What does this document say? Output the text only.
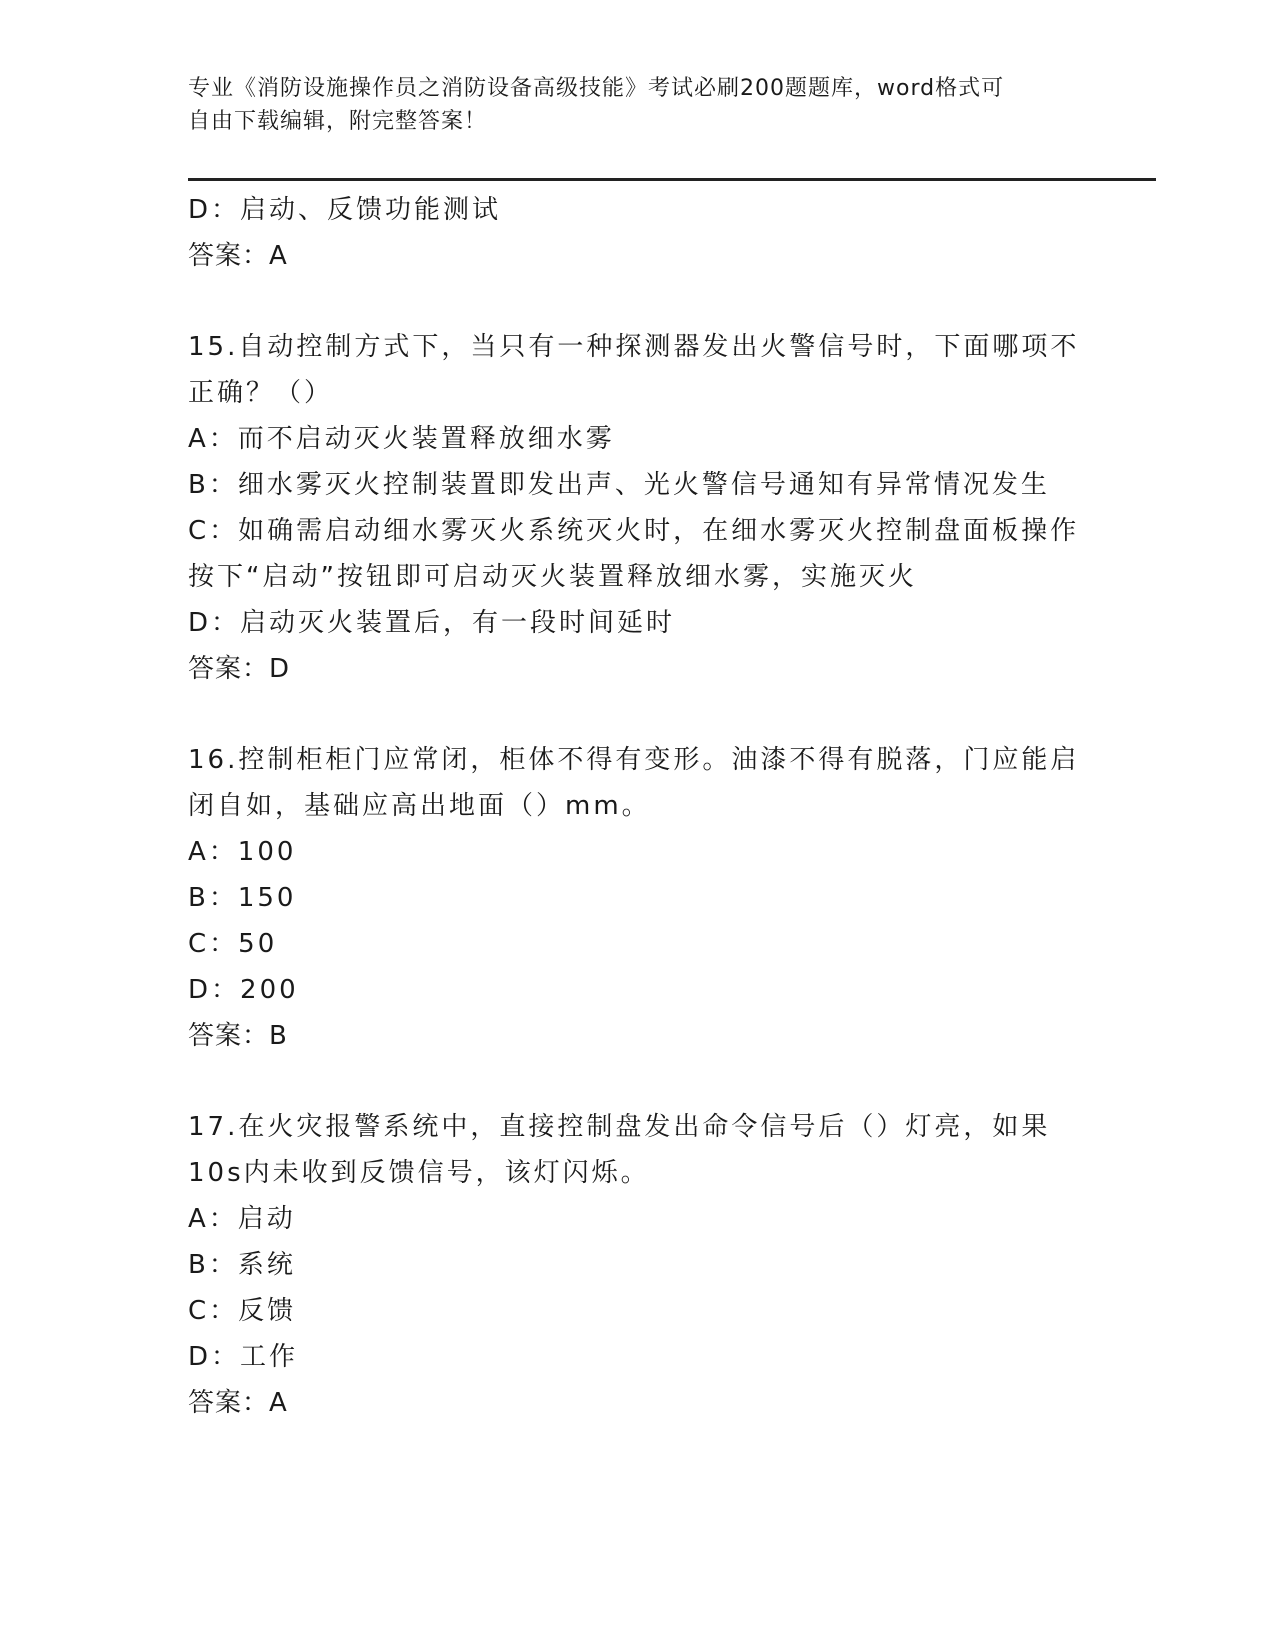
专业《消防设施操作员之消防设备高级技能》考试必刷200题题库，word格式可
自由下载编辑，附完整答案！
D：启动、反馈功能测试
答案：A
15.自动控制方式下，当只有一种探测器发出火警信号时，下面哪项不
正确？（）
A：而不启动灭火装置释放细水雾
B：细水雾灭火控制装置即发出声、光火警信号通知有异常情况发生
C：如确需启动细水雾灭火系统灭火时，在细水雾灭火控制盘面板操作
按下“启动”按钮即可启动灭火装置释放细水雾，实施灭火
D：启动灭火装置后，有一段时间延时
答案：D
16.控制柜柜门应常闭，柜体不得有变形。油漆不得有脱落，门应能启
闭自如，基础应高出地面（）mm。
A：100
B：150
C：50
D：200
答案：B
17.在火灾报警系统中，直接控制盘发出命令信号后（）灯亮，如果
10s内未收到反馈信号，该灯闪烁。
A：启动
B：系统
C：反馈
D：工作
答案：A
